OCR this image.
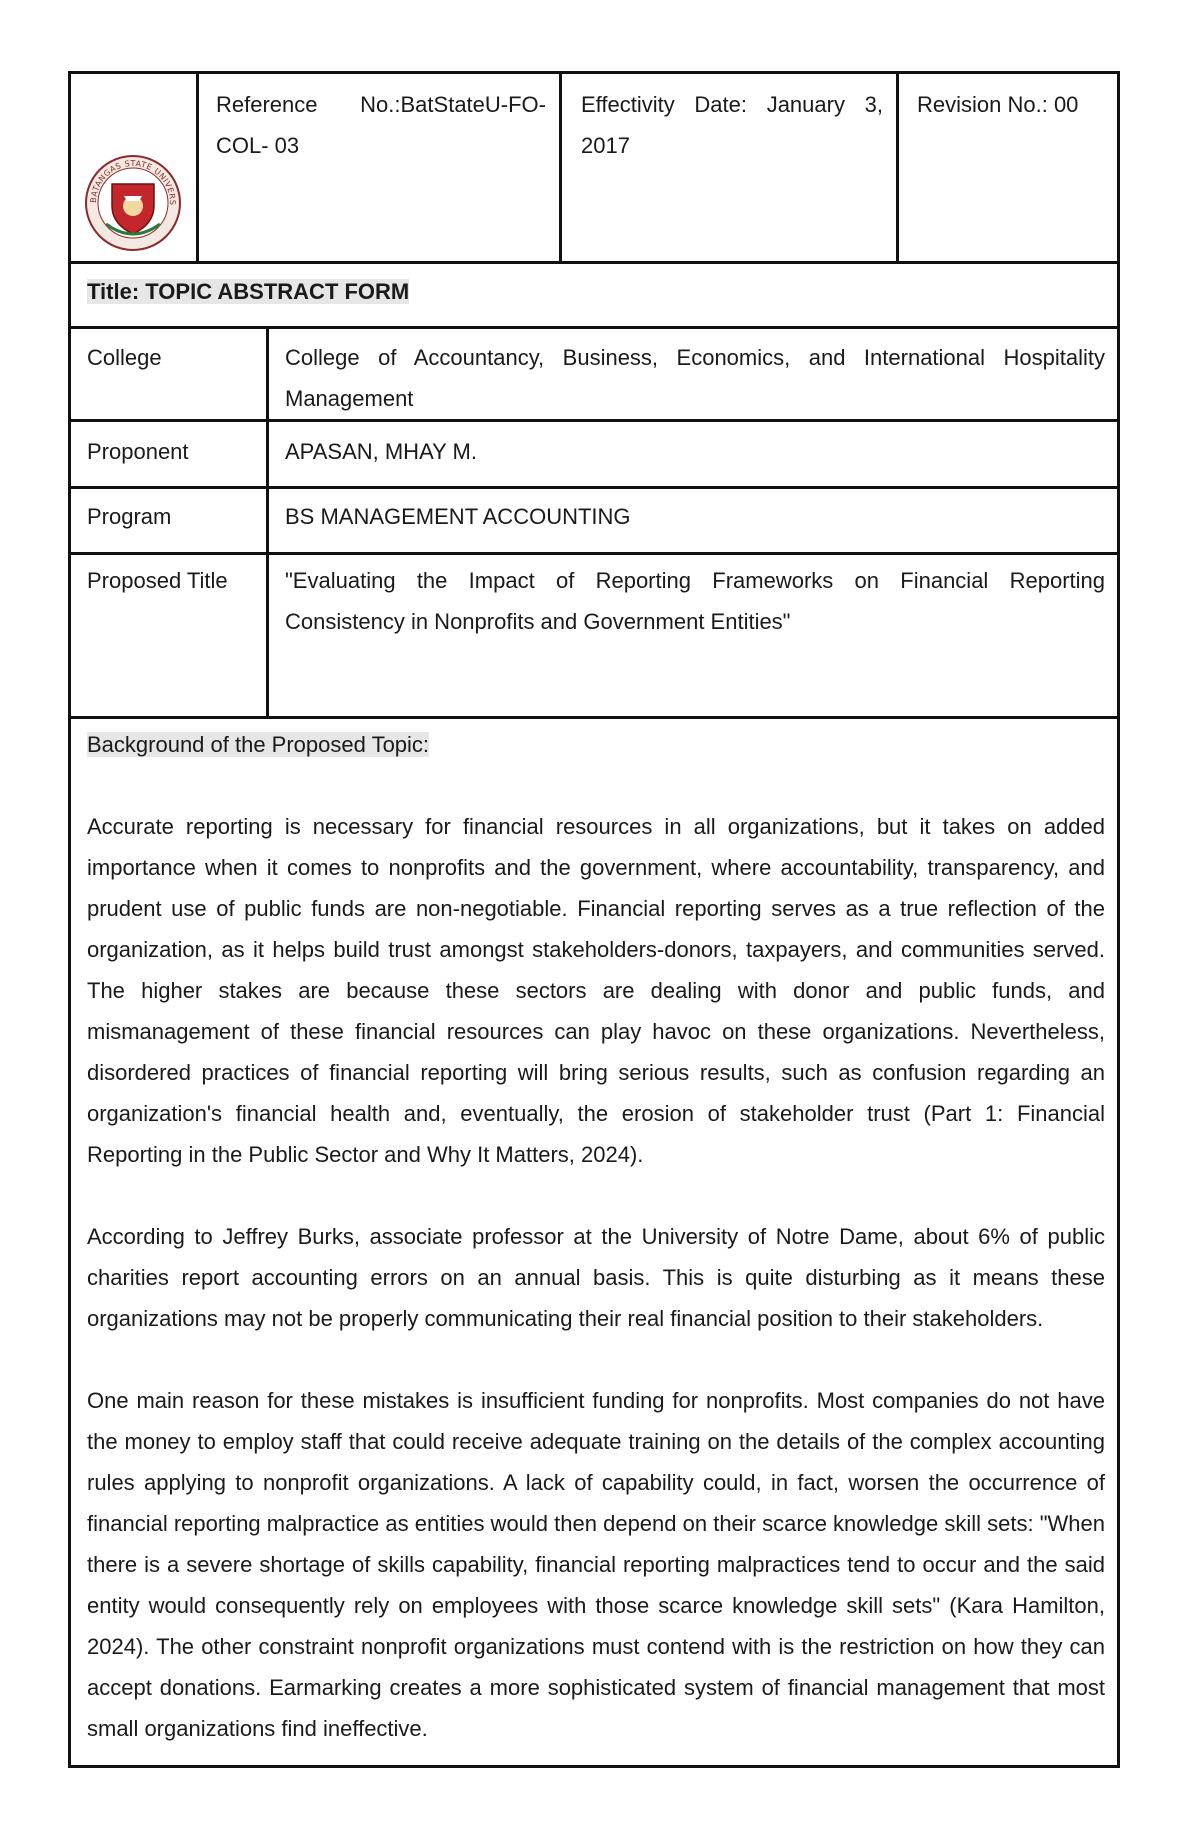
BATANGAS STATE UNIVERS
Reference No.:BatStateU-FO-COL- 03
Effectivity Date: January 3, 2017
Revision No.: 00
Title: TOPIC ABSTRACT FORM
College	College of Accountancy, Business, Economics, and International Hospitality Management
Proponent	APASAN, MHAY M.
Program	BS MANAGEMENT ACCOUNTING
Proposed Title	"Evaluating the Impact of Reporting Frameworks on Financial Reporting Consistency in Nonprofits and Government Entities"
Background of the Proposed Topic:

Accurate reporting is necessary for financial resources in all organizations, but it takes on added importance when it comes to nonprofits and the government, where accountability, transparency, and prudent use of public funds are non-negotiable. Financial reporting serves as a true reflection of the organization, as it helps build trust amongst stakeholders-donors, taxpayers, and communities served. The higher stakes are because these sectors are dealing with donor and public funds, and mismanagement of these financial resources can play havoc on these organizations. Nevertheless, disordered practices of financial reporting will bring serious results, such as confusion regarding an organization's financial health and, eventually, the erosion of stakeholder trust (Part 1: Financial Reporting in the Public Sector and Why It Matters, 2024).

According to Jeffrey Burks, associate professor at the University of Notre Dame, about 6% of public charities report accounting errors on an annual basis. This is quite disturbing as it means these organizations may not be properly communicating their real financial position to their stakeholders.

One main reason for these mistakes is insufficient funding for nonprofits. Most companies do not have the money to employ staff that could receive adequate training on the details of the complex accounting rules applying to nonprofit organizations. A lack of capability could, in fact, worsen the occurrence of financial reporting malpractice as entities would then depend on their scarce knowledge skill sets: "When there is a severe shortage of skills capability, financial reporting malpractices tend to occur and the said entity would consequently rely on employees with those scarce knowledge skill sets" (Kara Hamilton, 2024). The other constraint nonprofit organizations must contend with is the restriction on how they can accept donations. Earmarking creates a more sophisticated system of financial management that most small organizations find ineffective.
